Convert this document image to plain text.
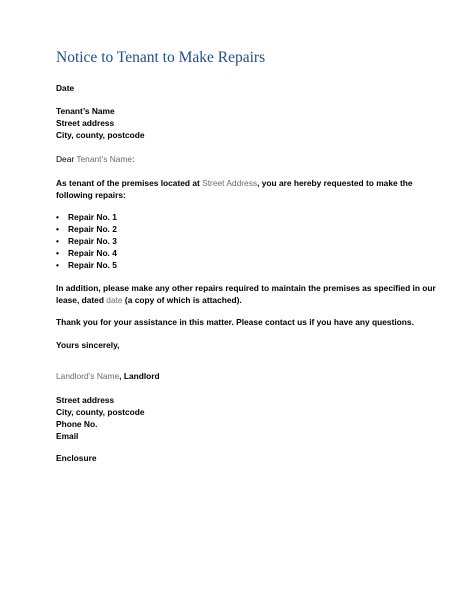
Notice to Tenant to Make Repairs
Date
Tenant’s Name
Street address
City, county, postcode
Dear Tenant’s Name:
As tenant of the premises located at Street Address, you are hereby requested to make the
following repairs:
• Repair No. 1
• Repair No. 2
• Repair No. 3
• Repair No. 4
• Repair No. 5
In addition, please make any other repairs required to maintain the premises as specified in our
lease, dated date (a copy of which is attached).
Thank you for your assistance in this matter. Please contact us if you have any questions.
Yours sincerely,
Landlord’s Name, Landlord
Street address
City, county, postcode
Phone No.
Email
Enclosure
